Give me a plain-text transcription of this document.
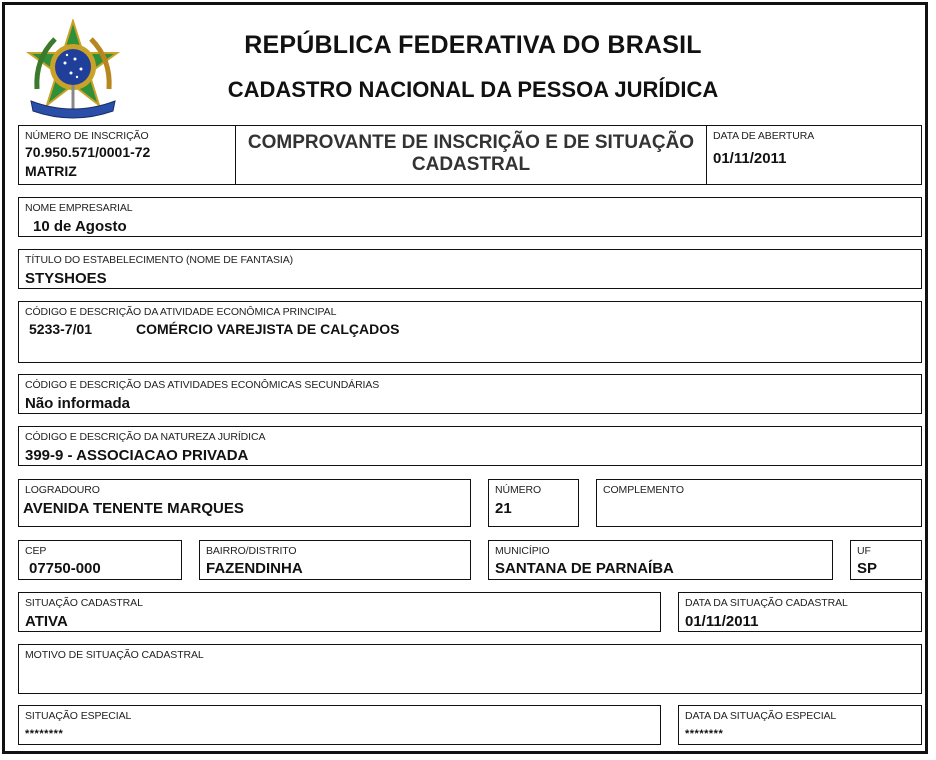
REPÚBLICA FEDERATIVA DO BRASIL
CADASTRO NACIONAL DA PESSOA JURÍDICA
NÚMERO DE INSCRIÇÃO
70.950.571/0001-72
MATRIZ
COMPROVANTE DE INSCRIÇÃO E DE SITUAÇÃO
CADASTRAL
DATA DE ABERTURA
01/11/2011
NOME EMPRESARIAL
10 de Agosto
TÍTULO DO ESTABELECIMENTO (NOME DE FANTASIA)
STYSHOES
CÓDIGO E DESCRIÇÃO DA ATIVIDADE ECONÔMICA PRINCIPAL
5233-7/01	COMÉRCIO VAREJISTA DE CALÇADOS
CÓDIGO E DESCRIÇÃO DAS ATIVIDADES ECONÔMICAS SECUNDÁRIAS
Não informada
CÓDIGO E DESCRIÇÃO DA NATUREZA JURÍDICA
399-9 - ASSOCIACAO PRIVADA
LOGRADOURO
AVENIDA TENENTE MARQUES
NÚMERO
21
COMPLEMENTO
CEP
07750-000
BAIRRO/DISTRITO
FAZENDINHA
MUNICÍPIO
SANTANA DE PARNAÍBA
UF
SP
SITUAÇÃO CADASTRAL
ATIVA
DATA DA SITUAÇÃO CADASTRAL
01/11/2011
MOTIVO DE SITUAÇÃO CADASTRAL
SITUAÇÃO ESPECIAL
********
DATA DA SITUAÇÃO ESPECIAL
********
